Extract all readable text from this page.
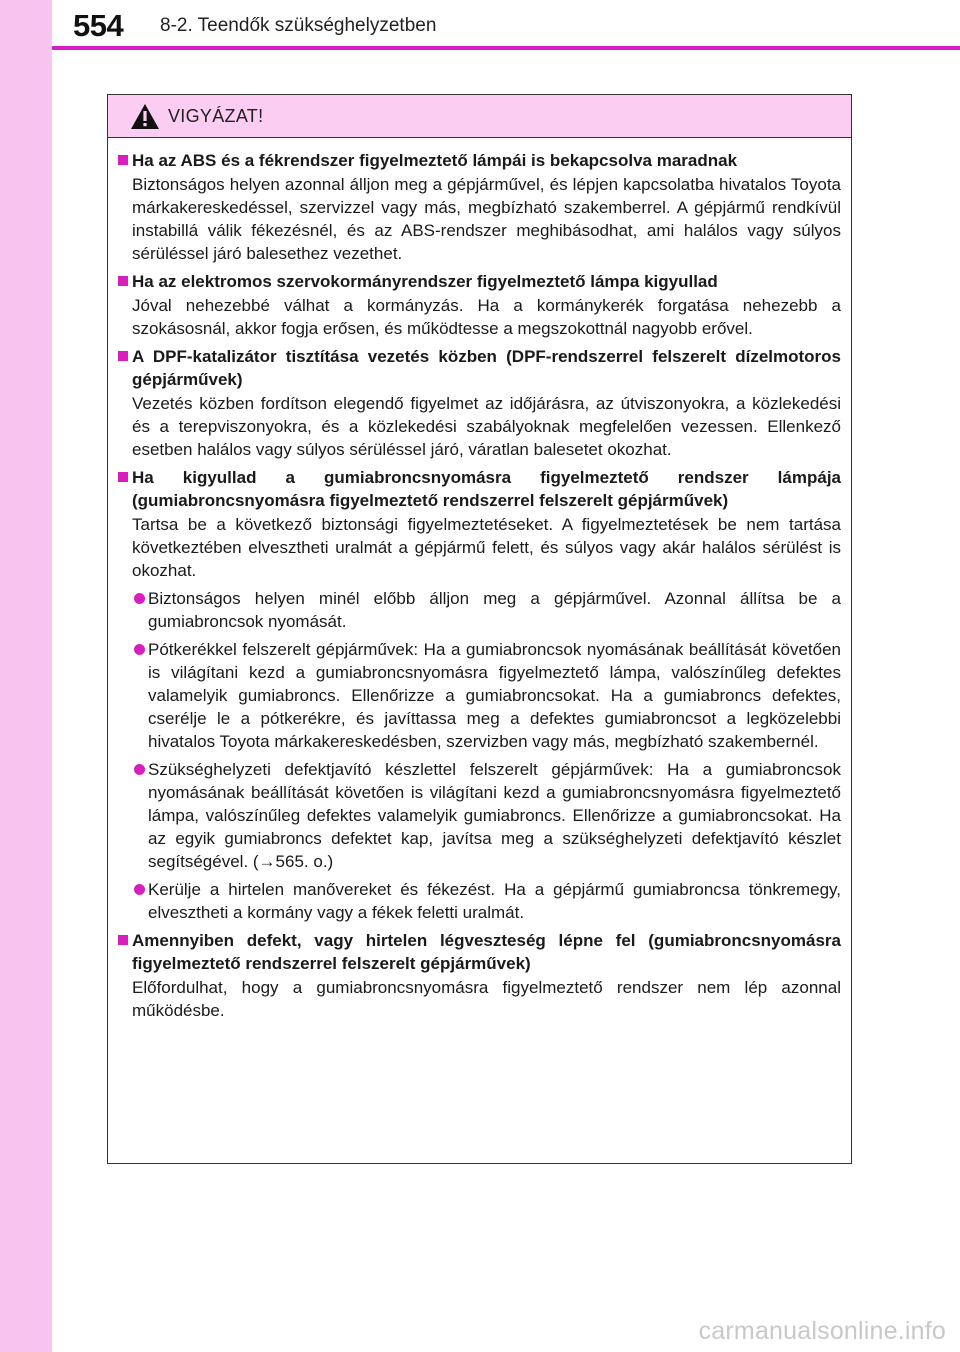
554 8-2. Teendők szükséghelyzetben
VIGYÁZAT!
Ha az ABS és a fékrendszer figyelmeztető lámpái is bekapcsolva maradnak
Biztonságos helyen azonnal álljon meg a gépjárművel, és lépjen kapcsolatba hivatalos Toyota márkakereskedéssel, szervizzel vagy más, megbízható szakemberrel. A gépjármű rendkívül instabillá válik fékezésnél, és az ABS-rendszer meghibásodhat, ami halálos vagy súlyos sérüléssel járó balesethez vezethet.
Ha az elektromos szervokormányrendszer figyelmeztető lámpa kigyullad
Jóval nehezebbé válhat a kormányzás. Ha a kormánykerék forgatása nehezebb a szokásosnál, akkor fogja erősen, és működtesse a megszokottnál nagyobb erővel.
A DPF-katalizátor tisztítása vezetés közben (DPF-rendszerrel felszerelt dízelmotoros gépjárművek)
Vezetés közben fordítson elegendő figyelmet az időjárásra, az útviszonyokra, a közlekedési és a terepviszonyokra, és a közlekedési szabályoknak megfelelően vezessen. Ellenkező esetben halálos vagy súlyos sérüléssel járó, váratlan balesetet okozhat.
Ha kigyullad a gumiabroncsnyomásra figyelmeztető rendszer lámpája (gumiabroncsnyomásra figyelmeztető rendszerrel felszerelt gépjárművek)
Tartsa be a következő biztonsági figyelmeztetéseket. A figyelmeztetések be nem tartása következtében elvesztheti uralmát a gépjármű felett, és súlyos vagy akár halálos sérülést is okozhat.
Biztonságos helyen minél előbb álljon meg a gépjárművel. Azonnal állítsa be a gumiabroncsok nyomását.
Pótkerékkel felszerelt gépjárművek: Ha a gumiabroncsok nyomásának beállítását követően is világítani kezd a gumiabroncsnyomásra figyelmeztető lámpa, valószínűleg defektes valamelyik gumiabroncs. Ellenőrizze a gumiabroncsokat. Ha a gumiabroncs defektes, cserélje le a pótkerékre, és javíttassa meg a defektes gumiabroncsot a legközelebbi hivatalos Toyota márkakereskedésben, szervizben vagy más, megbízható szakembernél.
Szükséghelyzeti defektjavító készlettel felszerelt gépjárművek: Ha a gumiabroncsok nyomásának beállítását követően is világítani kezd a gumiabroncsnyomásra figyelmeztető lámpa, valószínűleg defektes valamelyik gumiabroncs. Ellenőrizze a gumiabroncsokat. Ha az egyik gumiabroncs defektet kap, javítsa meg a szükséghelyzeti defektjavító készlet segítségével. (→565. o.)
Kerülje a hirtelen manővereket és fékezést. Ha a gépjármű gumiabroncsa tönkremegy, elvesztheti a kormány vagy a fékek feletti uralmát.
Amennyiben defekt, vagy hirtelen légveszteség lépne fel (gumiabroncsnyomásra figyelmeztető rendszerrel felszerelt gépjárművek)
Előfordulhat, hogy a gumiabroncsnyomásra figyelmeztető rendszer nem lép azonnal működésbe.
carmanualsonline.info
